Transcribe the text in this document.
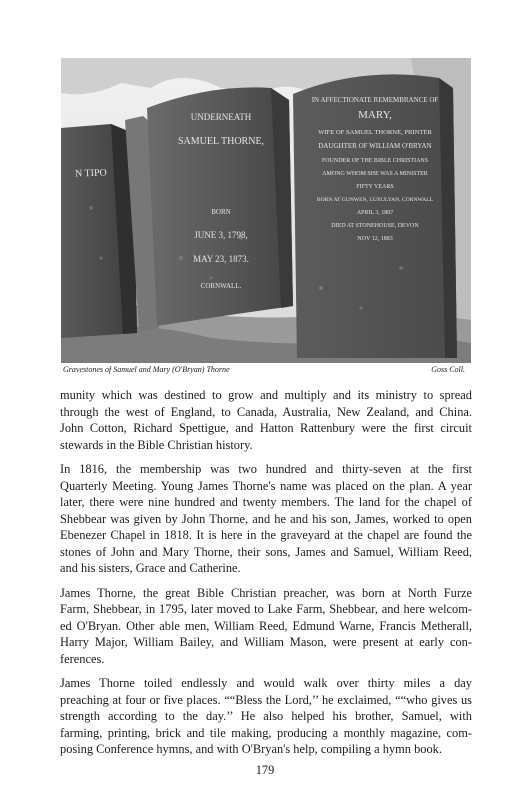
N TIPO
UNDERNEATH
SAMUEL THORNE,
BORN
JUNE 3, 1798,
MAY 23, 1873.
CORNWALL.
IN AFFECTIONATE REMEMBRANCE OF
MARY,
WIFE OF SAMUEL THORNE, PRINTER
DAUGHTER OF WILLIAM O'BRYAN
FOUNDER OF THE BIBLE CHRISTIANS
AMONG WHOM SHE WAS A MINISTER
FIFTY YEARS
BORN AT GUNWEN, LUXULYAN, CORNWALL
APRIL 3, 1807
DIED AT STONEHOUSE, DEVON
NOV 12, 1883
Gravestones of Samuel and Mary (O'Bryan) Thorne	Goss Coll.

munity which was destined to grow and multiply and its ministry to spread
through the west of England, to Canada, Australia, New Zealand, and China.
John Cotton, Richard Spettigue, and Hatton Rattenbury were the first circuit
stewards in the Bible Christian history.

In 1816, the membership was two hundred and thirty-seven at the first
Quarterly Meeting. Young James Thorne's name was placed on the plan. A year
later, there were nine hundred and twenty members. The land for the chapel of
Shebbear was given by John Thorne, and he and his son, James, worked to open
Ebenezer Chapel in 1818. It is here in the graveyard at the chapel are found the
stones of John and Mary Thorne, their sons, James and Samuel, William Reed,
and his sisters, Grace and Catherine.

James Thorne, the great Bible Christian preacher, was born at North Furze
Farm, Shebbear, in 1795, later moved to Lake Farm, Shebbear, and here welcom-
ed O'Bryan. Other able men, William Reed, Edmund Warne, Francis Metherall,
Harry Major, William Bailey, and William Mason, were present at early con-
ferences.

James Thorne toiled endlessly and would walk over thirty miles a day
preaching at four or five places. ““Bless the Lord,’’ he exclaimed, ““who gives us
strength according to the day.’’ He also helped his brother, Samuel, with
farming, printing, brick and tile making, producing a monthly magazine, com-
posing Conference hymns, and with O'Bryan's help, compiling a hymn book.

179
